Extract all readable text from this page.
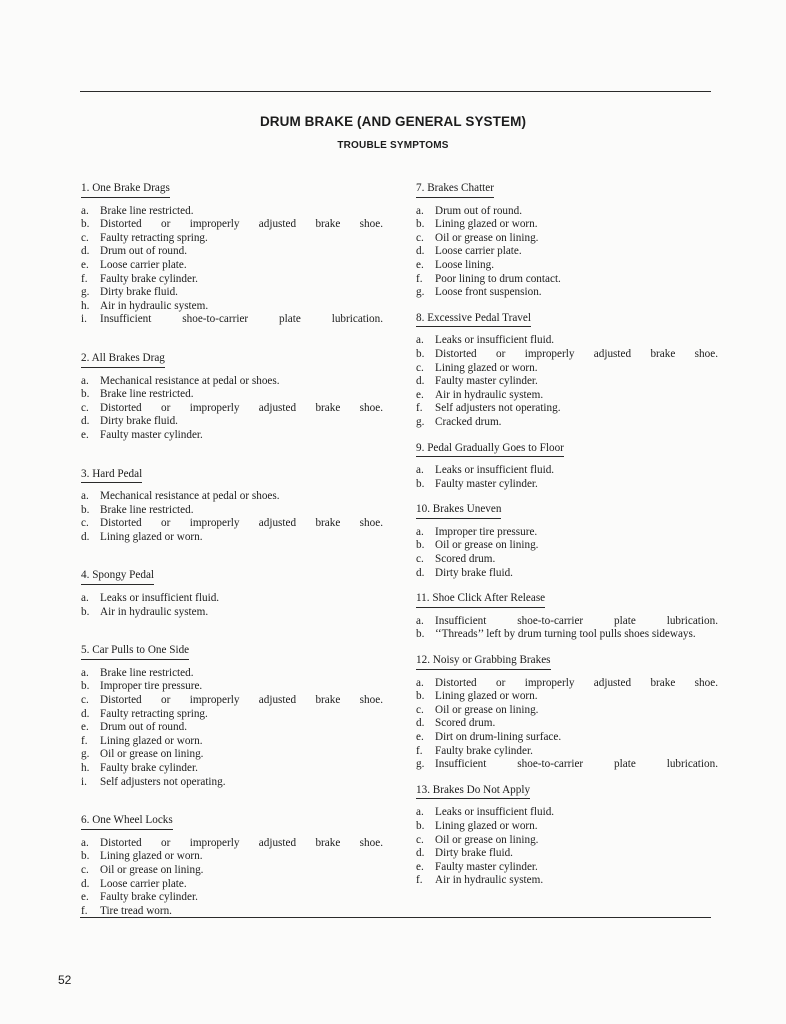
DRUM BRAKE (AND GENERAL SYSTEM)
TROUBLE SYMPTOMS
1. One Brake Drags
a.	Brake line restricted.
b. Distorted or improperly adjusted brake shoe.
c.	Faulty retracting spring.
d. Drum out of round.
e.	Loose carrier plate.
f.	Faulty brake cylinder.
g. Dirty brake fluid.
h. Air in hydraulic system.
i.	Insufficient shoe-to-carrier plate lubrication.
2. All Brakes Drag
a.	Mechanical resistance at pedal or shoes.
b. Brake line restricted.
c.	Distorted or improperly adjusted brake shoe.
d. Dirty brake fluid.
e.	Faulty master cylinder.
3. Hard Pedal
a.	Mechanical resistance at pedal or shoes.
b. Brake line restricted.
c.	Distorted or improperly adjusted brake shoe.
d. Lining glazed or worn.
4. Spongy Pedal
a.	Leaks or insufficient fluid.
b. Air in hydraulic system.
5. Car Pulls to One Side
a.	Brake line restricted.
b. Improper tire pressure.
c.	Distorted or improperly adjusted brake shoe.
d. Faulty retracting spring.
e.	Drum out of round.
f.	Lining glazed or worn.
g. Oil or grease on lining.
h. Faulty brake cylinder.
i.	Self adjusters not operating.
6. One Wheel Locks
a.	Distorted or improperly adjusted brake shoe.
b. Lining glazed or worn.
c.	Oil or grease on lining.
d. Loose carrier plate.
e.	Faulty brake cylinder.
f.	Tire tread worn.
7. Brakes Chatter
a.	Drum out of round.
b. Lining glazed or worn.
c.	Oil or grease on lining.
d. Loose carrier plate.
e.	Loose lining.
f.	Poor lining to drum contact.
g. Loose front suspension.
8. Excessive Pedal Travel
a.	Leaks or insufficient fluid.
b. Distorted or improperly adjusted brake shoe.
c.	Lining glazed or worn.
d. Faulty master cylinder.
e.	Air in hydraulic system.
f.	Self adjusters not operating.
g. Cracked drum.
9. Pedal Gradually Goes to Floor
a.	Leaks or insufficient fluid.
b. Faulty master cylinder.
10. Brakes Uneven
a.	Improper tire pressure.
b. Oil or grease on lining.
c.	Scored drum.
d. Dirty brake fluid.
11. Shoe Click After Release
a.	Insufficient shoe-to-carrier plate lubrication.
b. ‘‘Threads’’ left by drum turning tool pulls shoes sideways.
12. Noisy or Grabbing Brakes
a.	Distorted or improperly adjusted brake shoe.
b. Lining glazed or worn.
c.	Oil or grease on lining.
d. Scored drum.
e.	Dirt on drum-lining surface.
f.	Faulty brake cylinder.
g. Insufficient shoe-to-carrier plate lubrication.
13. Brakes Do Not Apply
a.	Leaks or insufficient fluid.
b. Lining glazed or worn.
c.	Oil or grease on lining.
d. Dirty brake fluid.
e.	Faulty master cylinder.
f.	Air in hydraulic system.
52
